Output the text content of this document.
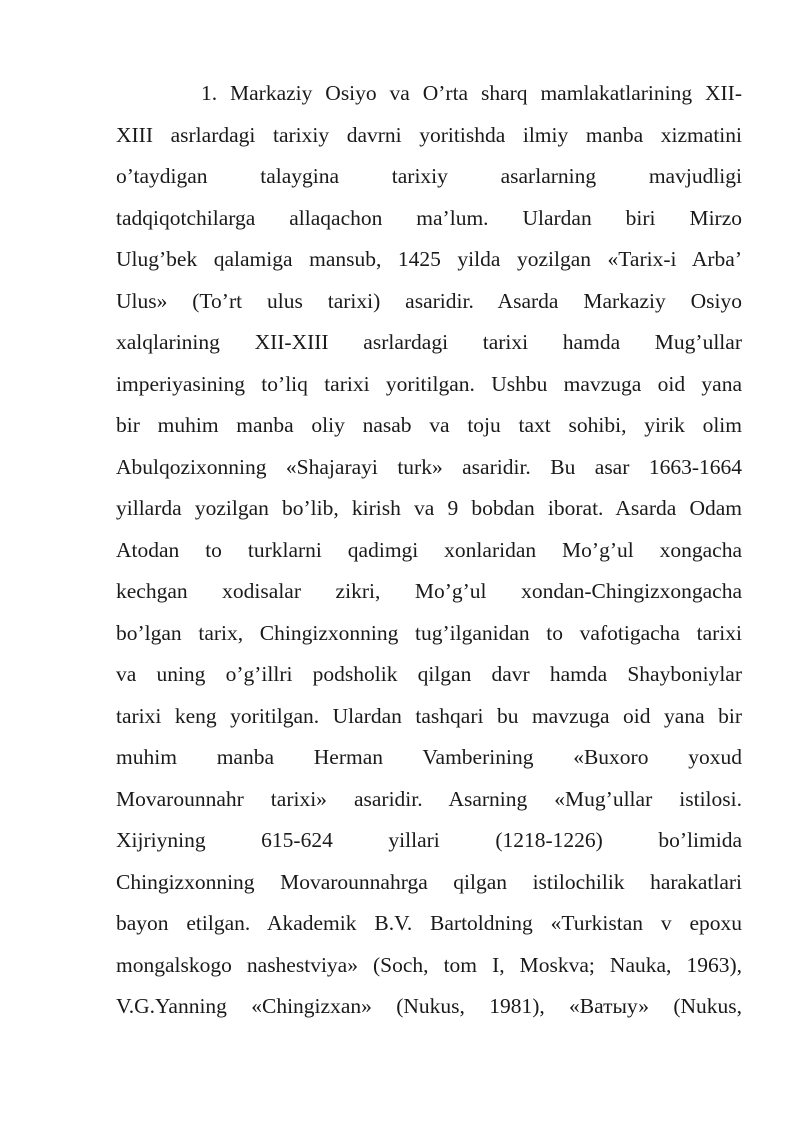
1. Markaziy Osiyo va O’rta sharq mamlakatlarining XII-
XIII asrlardagi tarixiy davrni yoritishda ilmiy manba xizmatini
o’taydigan talaygina tarixiy asarlarning mavjudligi
tadqiqotchilarga allaqachon ma’lum. Ulardan biri Mirzo
Ulug’bek qalamiga mansub, 1425 yilda yozilgan «Tarix-i Arba’
Ulus» (To’rt ulus tarixi) asaridir. Asarda Markaziy Osiyo
xalqlarining XII-XIII asrlardagi tarixi hamda Mug’ullar
imperiyasining to’liq tarixi yoritilgan. Ushbu mavzuga oid yana
bir muhim manba oliy nasab va toju taxt sohibi, yirik olim
Abulqozixonning «Shajarayi turk» asaridir. Bu asar 1663-1664
yillarda yozilgan bo’lib, kirish va 9 bobdan iborat. Asarda Odam
Atodan to turklarni qadimgi xonlaridan Mo’g’ul xongacha
kechgan xodisalar zikri, Mo’g’ul xondan-Chingizxongacha
bo’lgan tarix, Chingizxonning tug’ilganidan to vafotigacha tarixi
va uning o’g’illri podsholik qilgan davr hamda Shayboniylar
tarixi keng yoritilgan. Ulardan tashqari bu mavzuga oid yana bir
muhim manba Herman Vamberining «Buxoro yoxud
Movarounnahr tarixi» asaridir. Asarning «Mug’ullar istilosi.
Xijriyning 615-624 yillari (1218-1226) bo’limida
Chingizxonning Movarounnahrga qilgan istilochilik harakatlari
bayon etilgan. Akademik B.V. Bartoldning «Turkistan v epoxu
mongalskogo nashestviya» (Soch, tom I, Moskva; Nauka, 1963),
V.G.Yanning «Chingizxan» (Nukus, 1981), «Ватыу» (Nukus,
